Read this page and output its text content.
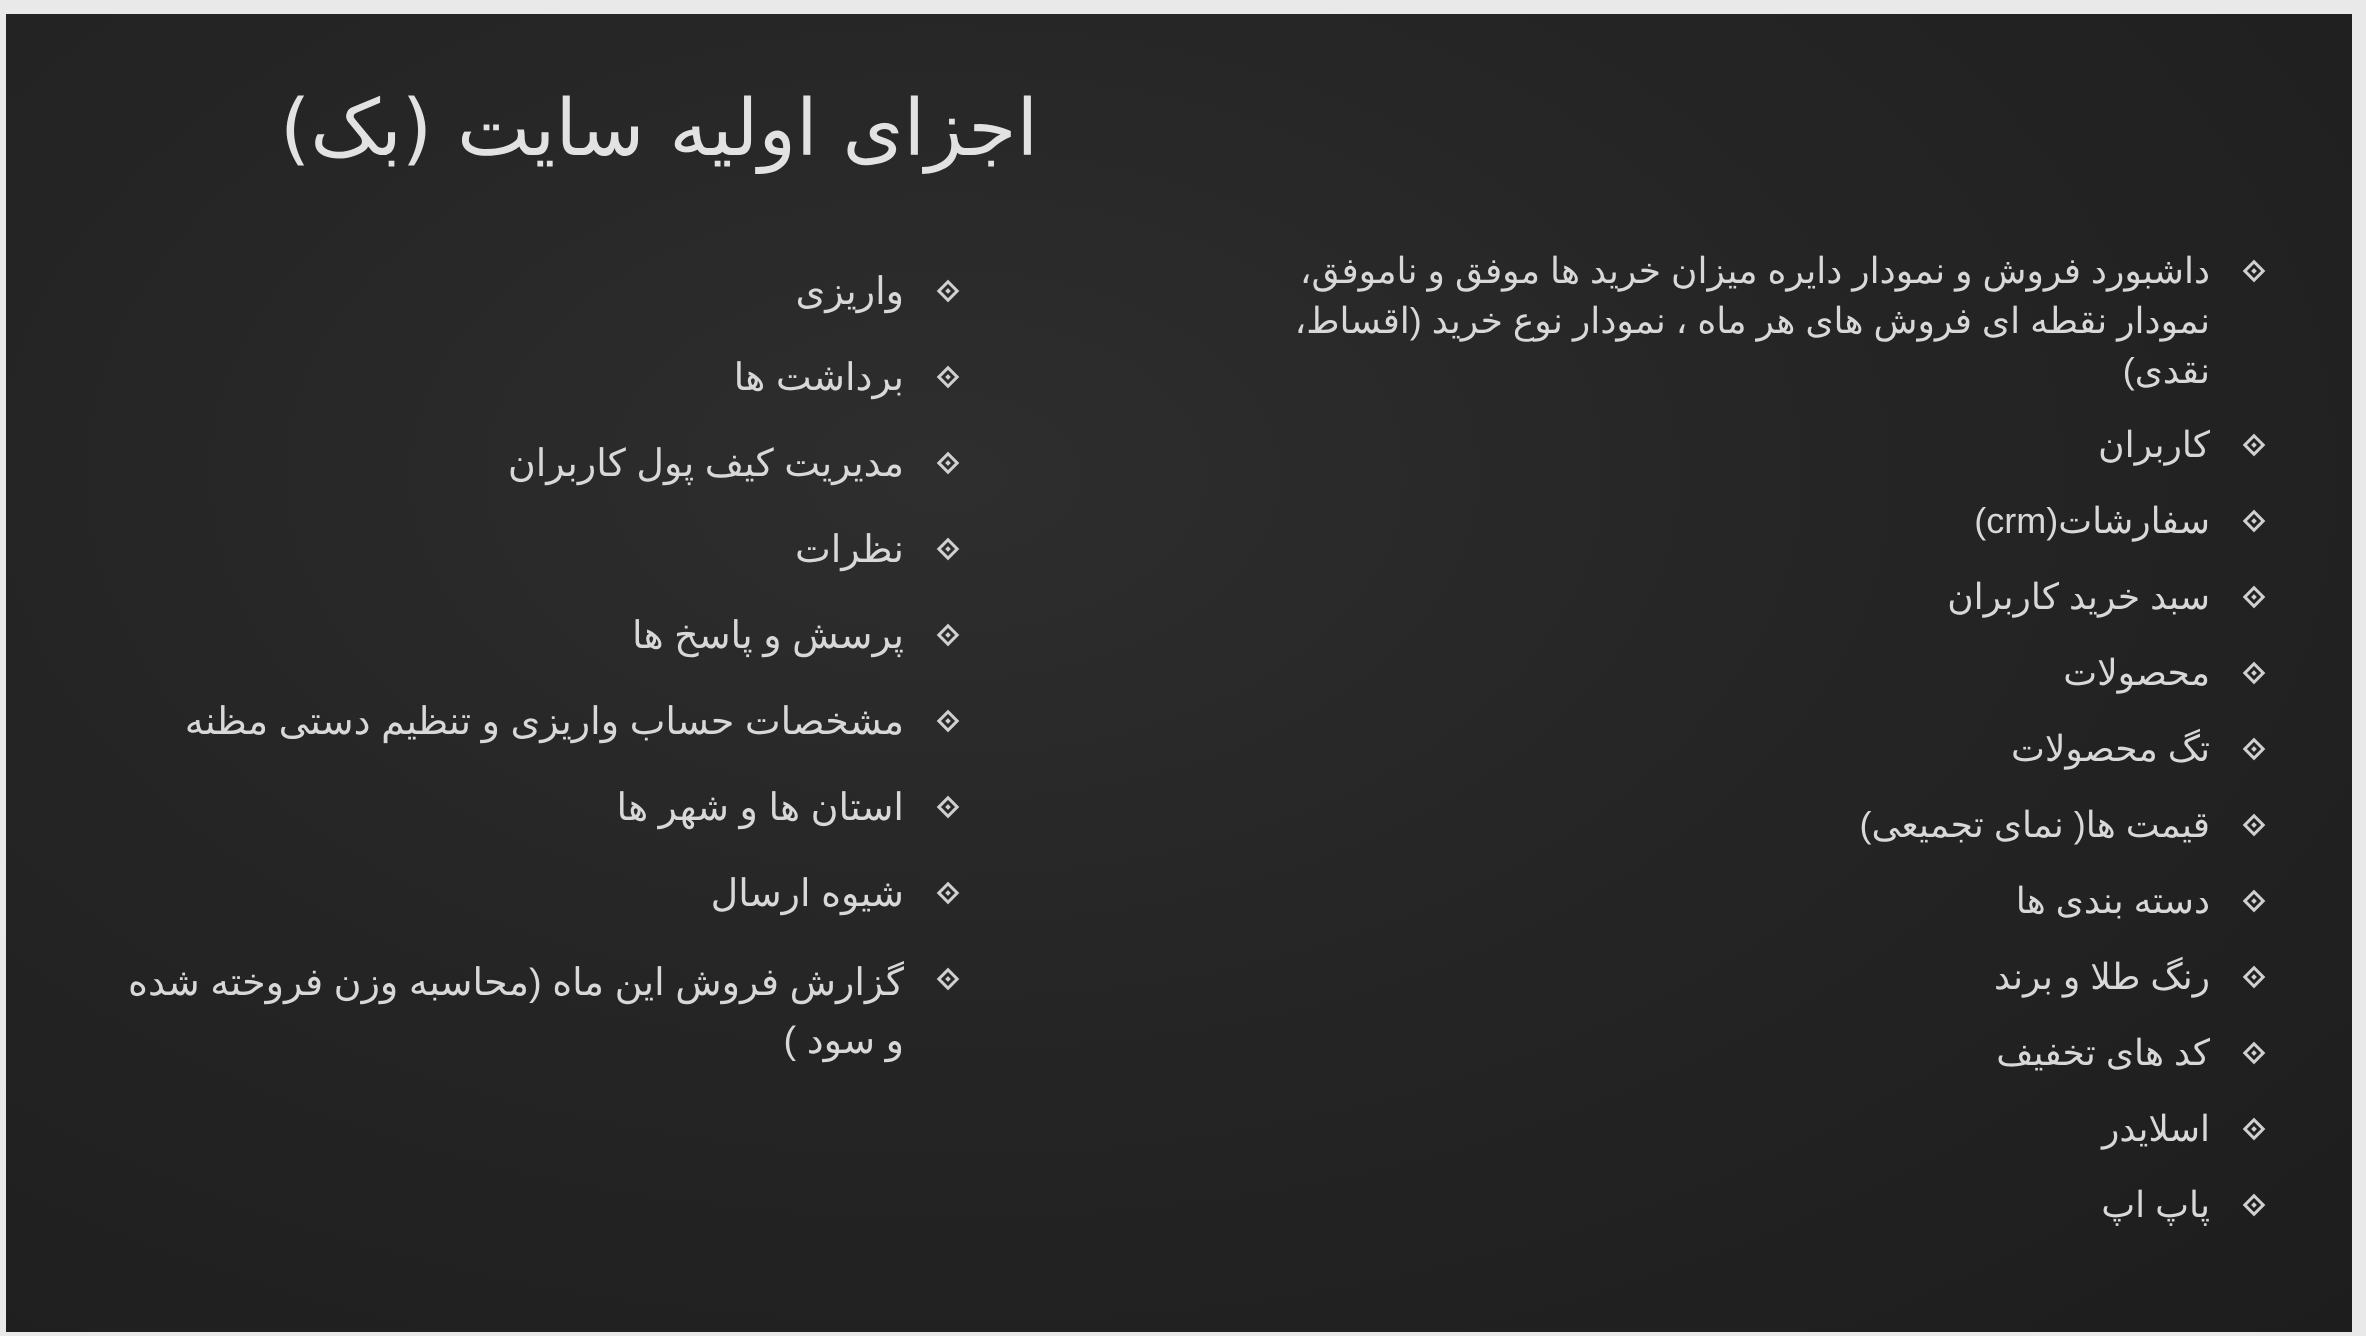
اجزای اولیه سایت (بک)
داشبورد فروش و نمودار دایره میزان خرید ها موفق و ناموفق، نمودار نقطه ای فروش های هر ماه ، نمودار نوع خرید (اقساط، نقدی)
کاربران
سفارشات(crm)
سبد خرید کاربران
محصولات
تگ محصولات
قیمت ها( نمای تجمیعی)
دسته بندی ها
رنگ طلا و برند
کد های تخفیف
اسلایدر
پاپ اپ
واریزی
برداشت ها
مدیریت کیف پول کاربران
نظرات
پرسش و پاسخ ها
مشخصات حساب واریزی و تنظیم دستی مظنه
استان ها و شهر ها
شیوه ارسال
گزارش فروش این ماه (محاسبه وزن فروخته شده و سود )
